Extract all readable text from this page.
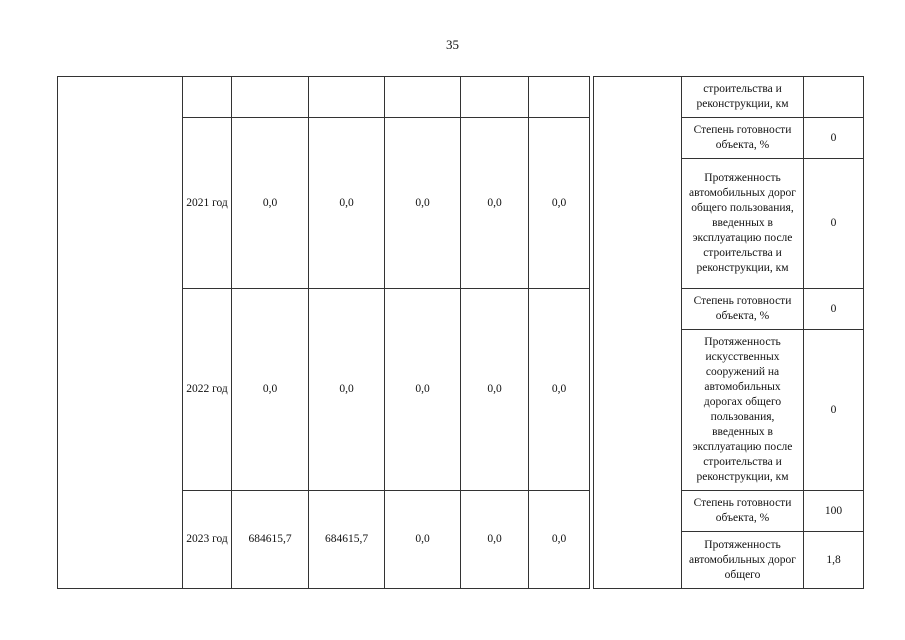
35
									строительства и реконструкции, км	
	2021 год	0,0	0,0	0,0	0,0	0,0			Степень готовности объекта, %	0
									Протяженность автомобильных дорог общего пользования, введенных в эксплуатацию после строительства и реконструкции, км	0
	2022 год	0,0	0,0	0,0	0,0	0,0			Степень готовности объекта, %	0
									Протяженность искусственных сооружений на автомобильных дорогах общего пользования, введенных в эксплуатацию после строительства и реконструкции, км	0
	2023 год	684615,7	684615,7	0,0	0,0	0,0			Степень готовности объекта, %	100
									Протяженность автомобильных дорог общего	1,8
